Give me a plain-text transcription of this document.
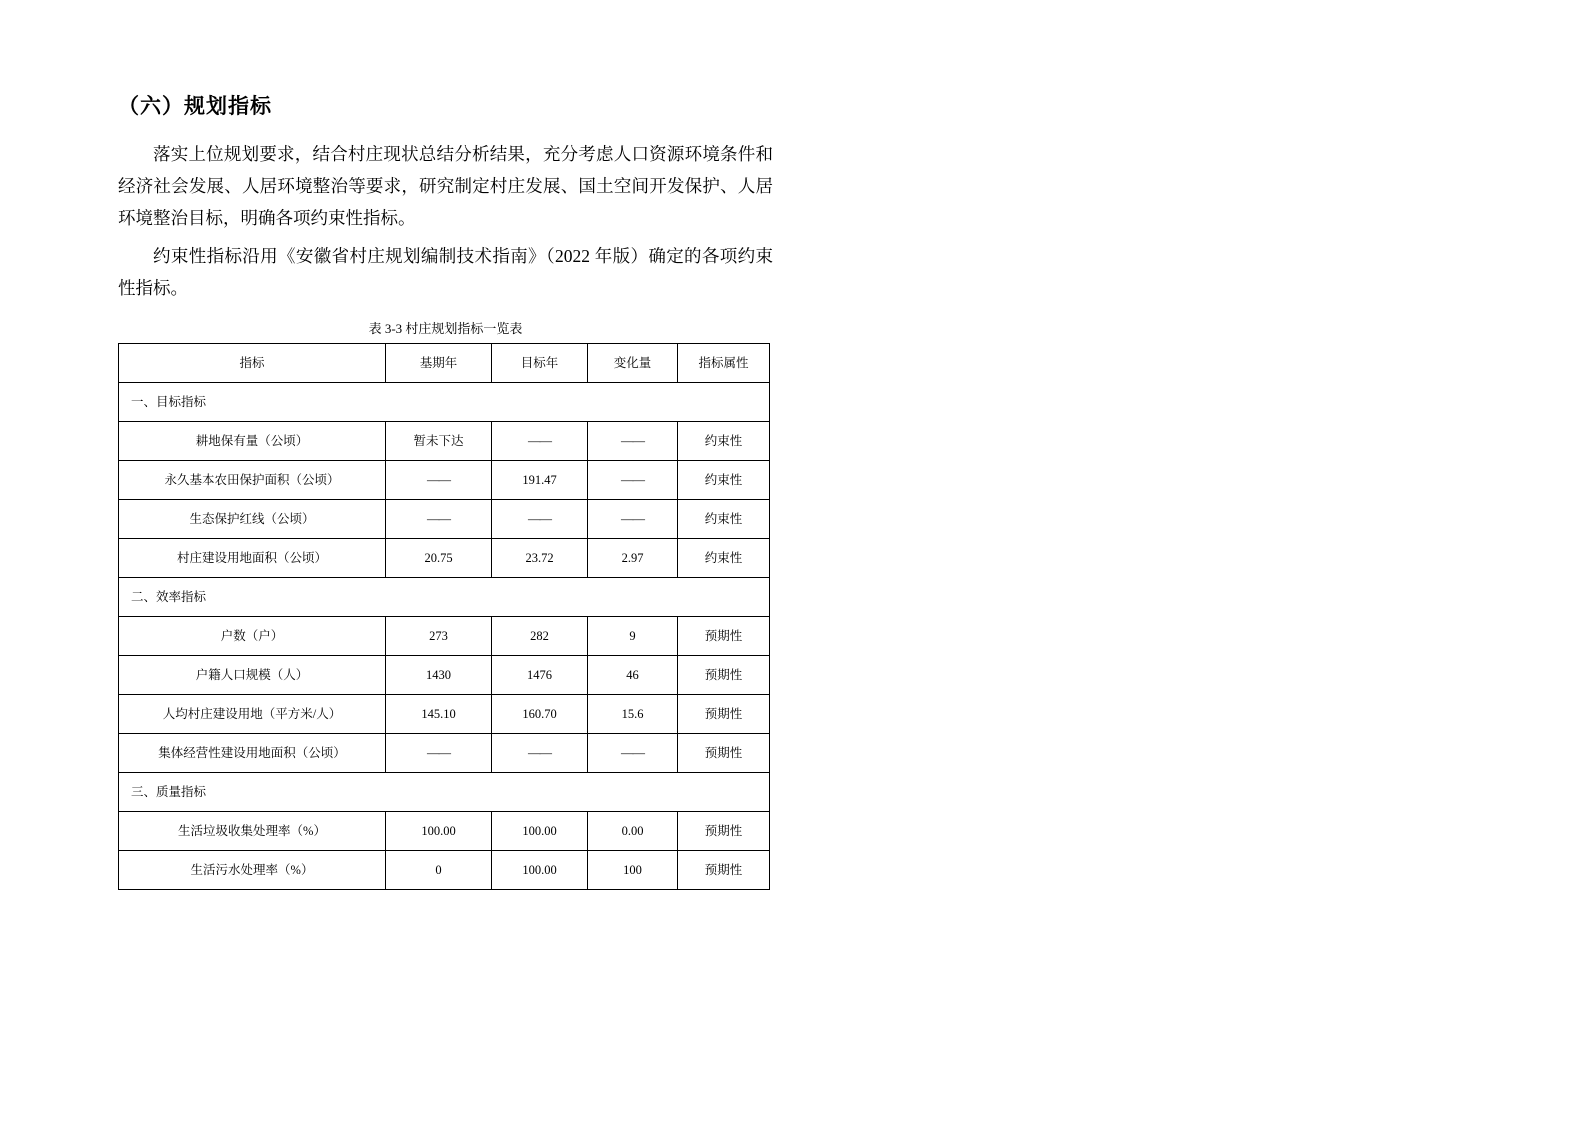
（六）规划指标

落实上位规划要求，结合村庄现状总结分析结果，充分考虑人口资源环境条件和经济社会发展、人居环境整治等要求，研究制定村庄发展、国土空间开发保护、人居环境整治目标，明确各项约束性指标。

约束性指标沿用《安徽省村庄规划编制技术指南》（2022 年版）确定的各项约束性指标。

表 3-3 村庄规划指标一览表
指标	基期年	目标年	变化量	指标属性
一、目标指标				
耕地保有量（公顷）	暂未下达	——	——	约束性
永久基本农田保护面积（公顷）	——	191.47	——	约束性
生态保护红线（公顷）	——	——	——	约束性
村庄建设用地面积（公顷）	20.75	23.72	2.97	约束性
二、效率指标				
户数（户）	273	282	9	预期性
户籍人口规模（人）	1430	1476	46	预期性
人均村庄建设用地（平方米/人）	145.10	160.70	15.6	预期性
集体经营性建设用地面积（公顷）	——	——	——	预期性
三、质量指标				
生活垃圾收集处理率（%）	100.00	100.00	0.00	预期性
生活污水处理率（%）	0	100.00	100	预期性
